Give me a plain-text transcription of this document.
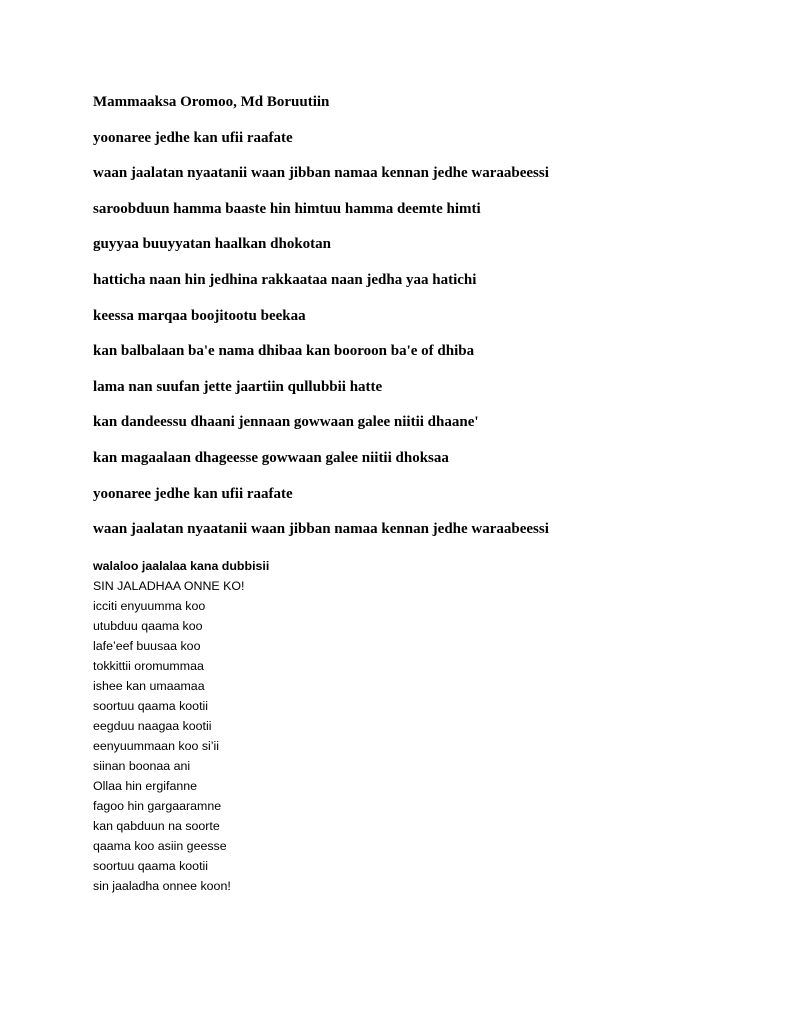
Mammaaksa Oromoo, Md Boruutiin
yoonaree jedhe kan ufii raafate
waan jaalatan nyaatanii waan jibban namaa kennan jedhe waraabeessi
saroobduun hamma baaste hin himtuu hamma deemte himti
guyyaa buuyyatan haalkan dhokotan
hatticha naan hin jedhina rakkaataa naan jedha yaa hatichi
keessa marqaa boojitootu beekaa
kan balbalaan ba'e nama dhibaa kan booroon ba'e of dhiba
lama nan suufan jette jaartiin qullubbii hatte
kan dandeessu dhaani jennaan gowwaan galee niitii dhaane'
kan magaalaan dhageesse gowwaan galee niitii dhoksaa
yoonaree jedhe kan ufii raafate
waan jaalatan nyaatanii waan jibban namaa kennan jedhe waraabeessi
walaloo jaalalaa kana dubbisii
SIN JALADHAA ONNE KO!
icciti enyuumma koo
utubduu qaama koo
lafe’eef buusaa koo
tokkittii oromummaa
ishee kan umaamaa
soortuu qaama kootii
eegduu naagaa kootii
eenyuummaan koo si’ii
siinan boonaa ani
Ollaa hin ergifanne
fagoo hin gargaaramne
kan qabduun na soorte
qaama koo asiin geesse
soortuu qaama kootii
sin jaaladha onnee koon!
